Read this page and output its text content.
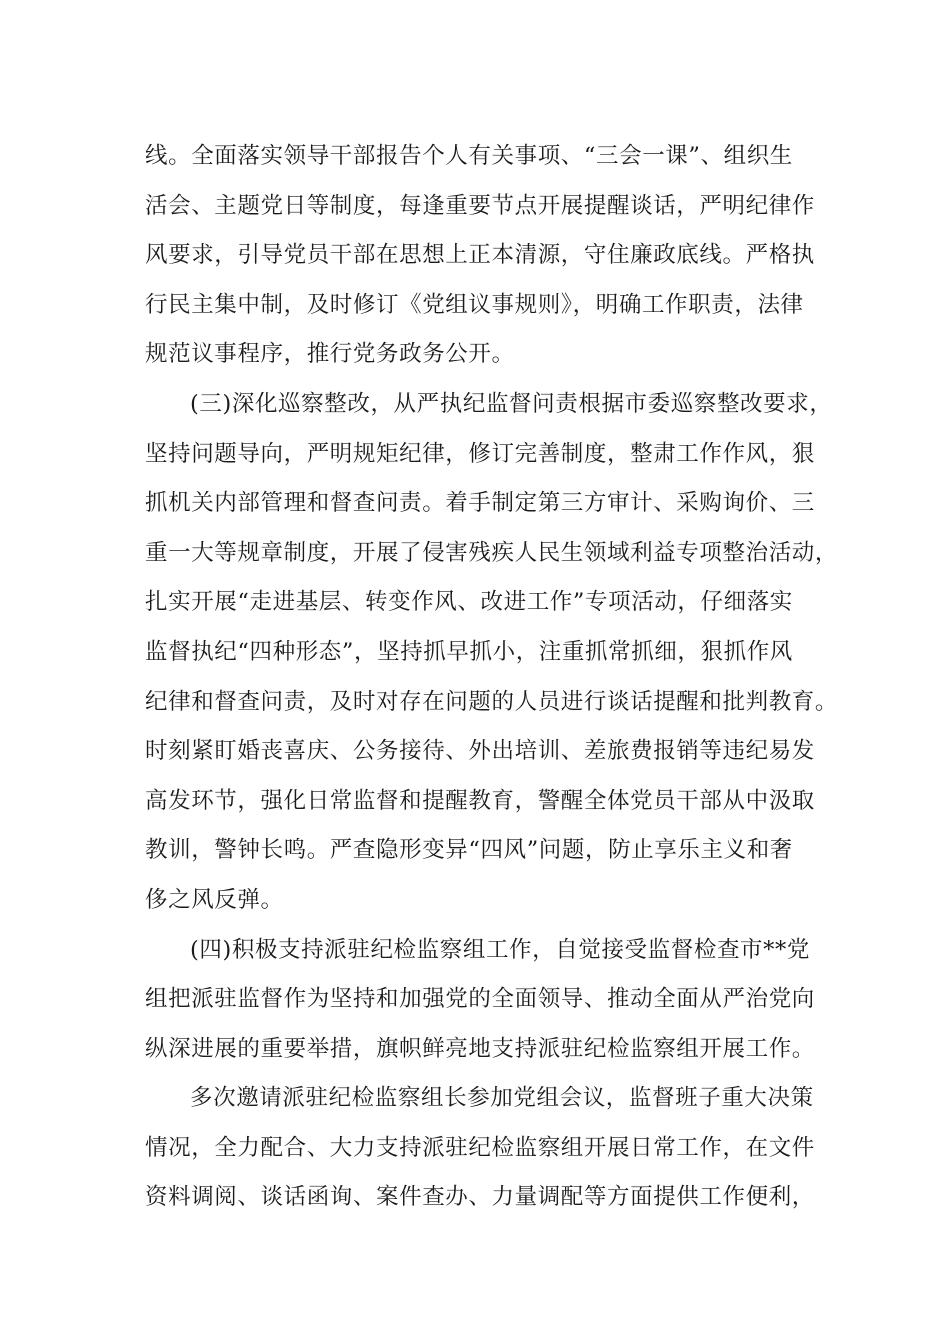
线。全面落实领导干部报告个人有关事项、“三会一课”、组织生
活会、主题党日等制度，每逢重要节点开展提醒谈话，严明纪律作
风要求，引导党员干部在思想上正本清源，守住廉政底线。严格执
行民主集中制，及时修订《党组议事规则》，明确工作职责，法律
规范议事程序，推行党务政务公开。
(三)深化巡察整改，从严执纪监督问责根据市委巡察整改要求，
坚持问题导向，严明规矩纪律，修订完善制度，整肃工作作风，狠
抓机关内部管理和督查问责。着手制定第三方审计、采购询价、三
重一大等规章制度，开展了侵害残疾人民生领域利益专项整治活动，
扎实开展“走进基层、转变作风、改进工作”专项活动，仔细落实
监督执纪“四种形态”，坚持抓早抓小，注重抓常抓细，狠抓作风
纪律和督查问责，及时对存在问题的人员进行谈话提醒和批判教育。
时刻紧盯婚丧喜庆、公务接待、外出培训、差旅费报销等违纪易发
高发环节，强化日常监督和提醒教育，警醒全体党员干部从中汲取
教训，警钟长鸣。严查隐形变异“四风”问题，防止享乐主义和奢
侈之风反弹。
(四)积极支持派驻纪检监察组工作，自觉接受监督检查市**党
组把派驻监督作为坚持和加强党的全面领导、推动全面从严治党向
纵深进展的重要举措，旗帜鲜亮地支持派驻纪检监察组开展工作。
多次邀请派驻纪检监察组长参加党组会议，监督班子重大决策
情况，全力配合、大力支持派驻纪检监察组开展日常工作，在文件
资料调阅、谈话函询、案件查办、力量调配等方面提供工作便利，
